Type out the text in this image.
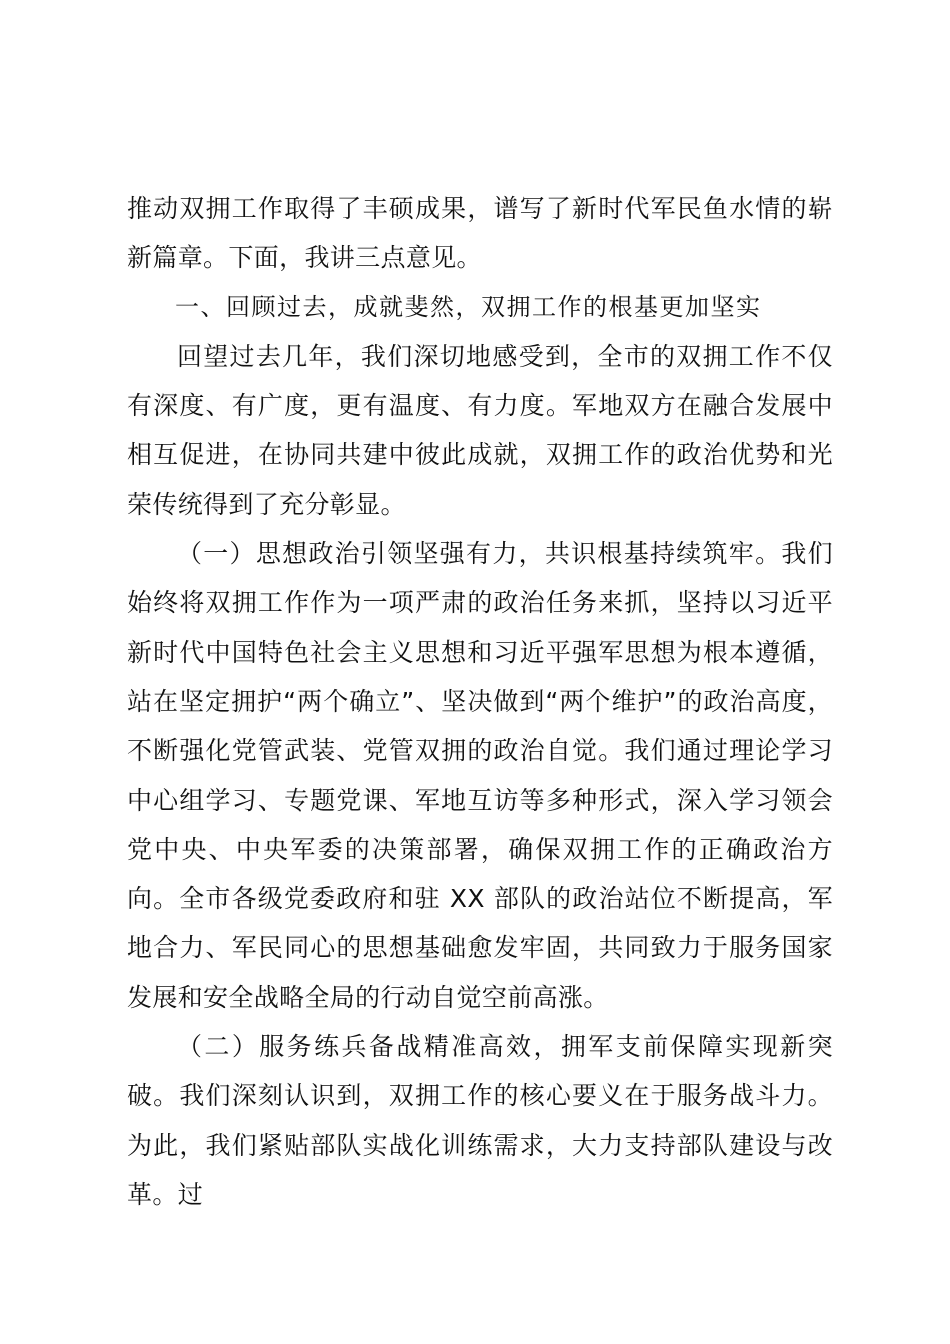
推动双拥工作取得了丰硕成果，谱写了新时代军民鱼水情的崭新篇章。下面，我讲三点意见。

一、回顾过去，成就斐然，双拥工作的根基更加坚实

回望过去几年，我们深切地感受到，全市的双拥工作不仅有深度、有广度，更有温度、有力度。军地双方在融合发展中相互促进，在协同共建中彼此成就，双拥工作的政治优势和光荣传统得到了充分彰显。

（一）思想政治引领坚强有力，共识根基持续筑牢。我们始终将双拥工作作为一项严肃的政治任务来抓，坚持以习近平新时代中国特色社会主义思想和习近平强军思想为根本遵循，站在坚定拥护“两个确立”、坚决做到“两个维护”的政治高度，不断强化党管武装、党管双拥的政治自觉。我们通过理论学习中心组学习、专题党课、军地互访等多种形式，深入学习领会党中央、中央军委的决策部署，确保双拥工作的正确政治方向。全市各级党委政府和驻 XX 部队的政治站位不断提高，军地合力、军民同心的思想基础愈发牢固，共同致力于服务国家发展和安全战略全局的行动自觉空前高涨。

（二）服务练兵备战精准高效，拥军支前保障实现新突破。我们深刻认识到，双拥工作的核心要义在于服务战斗力。为此，我们紧贴部队实战化训练需求，大力支持部队建设与改革。过
